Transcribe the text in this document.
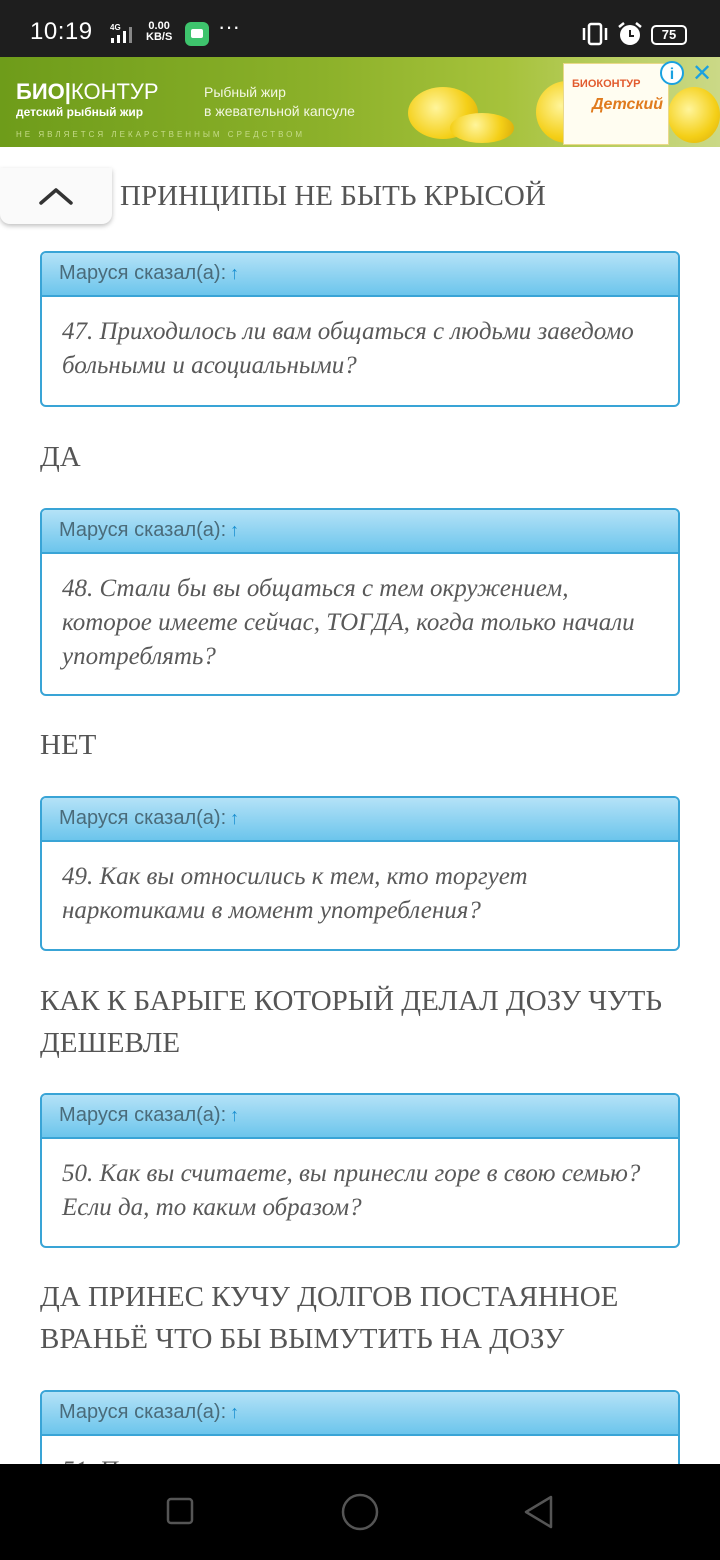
10:19 4G	0.00
KB/S ···	75
БИО|КОНТУР
детский рыбный жир
Рыбный жир
в жевательной капсуле
НЕ ЯВЛЯЕТСЯ ЛЕКАРСТВЕННЫМ СРЕДСТВОМ
БИОКОНТУР
Детский
i ✕
ПРИНЦИПЫ НЕ БЫТЬ КРЫСОЙ
Маруся сказал(а): ↑
47. Приходилось ли вам общаться с людьми заведомо больными и асоциальными?
ДА
Маруся сказал(а): ↑
48. Стали бы вы общаться с тем окружением, которое имеете сейчас, ТОГДА, когда только начали употреблять?
НЕТ
Маруся сказал(а): ↑
49. Как вы относились к тем, кто торгует наркотиками в момент употребления?
КАК К БАРЫГЕ КОТОРЫЙ ДЕЛАЛ ДОЗУ ЧУТЬ ДЕШЕВЛЕ
Маруся сказал(а): ↑
50. Как вы считаете, вы принесли горе в свою семью? Если да, то каким образом?
ДА ПРИНЕС КУЧУ ДОЛГОВ ПОСТАЯННОЕ ВРАНЬЁ ЧТО БЫ ВЫМУТИТЬ НА ДОЗУ
Маруся сказал(а): ↑
